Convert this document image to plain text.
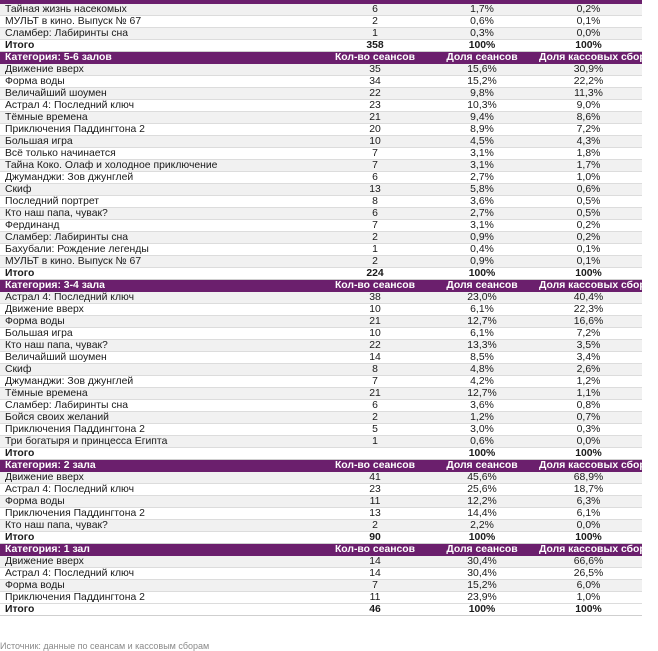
Тайная жизнь насекомых	6	1,7%	0,2%
МУЛЬТ в кино. Выпуск № 67	2	0,6%	0,1%
Сламбер: Лабиринты сна	1	0,3%	0,0%
Итого	358	100%	100%
Категория: 5-6 залов	Кол-во сеансов	Доля сеансов	Доля кассовых сборов
Движение вверх	35	15,6%	30,9%
Форма воды	34	15,2%	22,2%
Величайший шоумен	22	9,8%	11,3%
Астрал 4: Последний ключ	23	10,3%	9,0%
Тёмные времена	21	9,4%	8,6%
Приключения Паддингтона 2	20	8,9%	7,2%
Большая игра	10	4,5%	4,3%
Всё только начинается	7	3,1%	1,8%
Тайна Коко. Олаф и холодное приключение	7	3,1%	1,7%
Джуманджи: Зов джунглей	6	2,7%	1,0%
Скиф	13	5,8%	0,6%
Последний портрет	8	3,6%	0,5%
Кто наш папа, чувак?	6	2,7%	0,5%
Фердинанд	7	3,1%	0,2%
Сламбер: Лабиринты сна	2	0,9%	0,2%
Бахубали: Рождение легенды	1	0,4%	0,1%
МУЛЬТ в кино. Выпуск № 67	2	0,9%	0,1%
Итого	224	100%	100%
Категория: 3-4 зала	Кол-во сеансов	Доля сеансов	Доля кассовых сборов
Астрал 4: Последний ключ	38	23,0%	40,4%
Движение вверх	10	6,1%	22,3%
Форма воды	21	12,7%	16,6%
Большая игра	10	6,1%	7,2%
Кто наш папа, чувак?	22	13,3%	3,5%
Величайший шоумен	14	8,5%	3,4%
Скиф	8	4,8%	2,6%
Джуманджи: Зов джунглей	7	4,2%	1,2%
Тёмные времена	21	12,7%	1,1%
Сламбер: Лабиринты сна	6	3,6%	0,8%
Бойся своих желаний	2	1,2%	0,7%
Приключения Паддингтона 2	5	3,0%	0,3%
Три богатыря и принцесса Египта	1	0,6%	0,0%
Итого		100%	100%
Категория: 2 зала	Кол-во сеансов	Доля сеансов	Доля кассовых сборов
Движение вверх	41	45,6%	68,9%
Астрал 4: Последний ключ	23	25,6%	18,7%
Форма воды	11	12,2%	6,3%
Приключения Паддингтона 2	13	14,4%	6,1%
Кто наш папа, чувак?	2	2,2%	0,0%
Итого	90	100%	100%
Категория: 1 зал	Кол-во сеансов	Доля сеансов	Доля кассовых сборов
Движение вверх	14	30,4%	66,6%
Астрал 4: Последний ключ	14	30,4%	26,5%
Форма воды	7	15,2%	6,0%
Приключения Паддингтона 2	11	23,9%	1,0%
Итого	46	100%	100%
Источник: данные по сеансам и кассовым сборам
